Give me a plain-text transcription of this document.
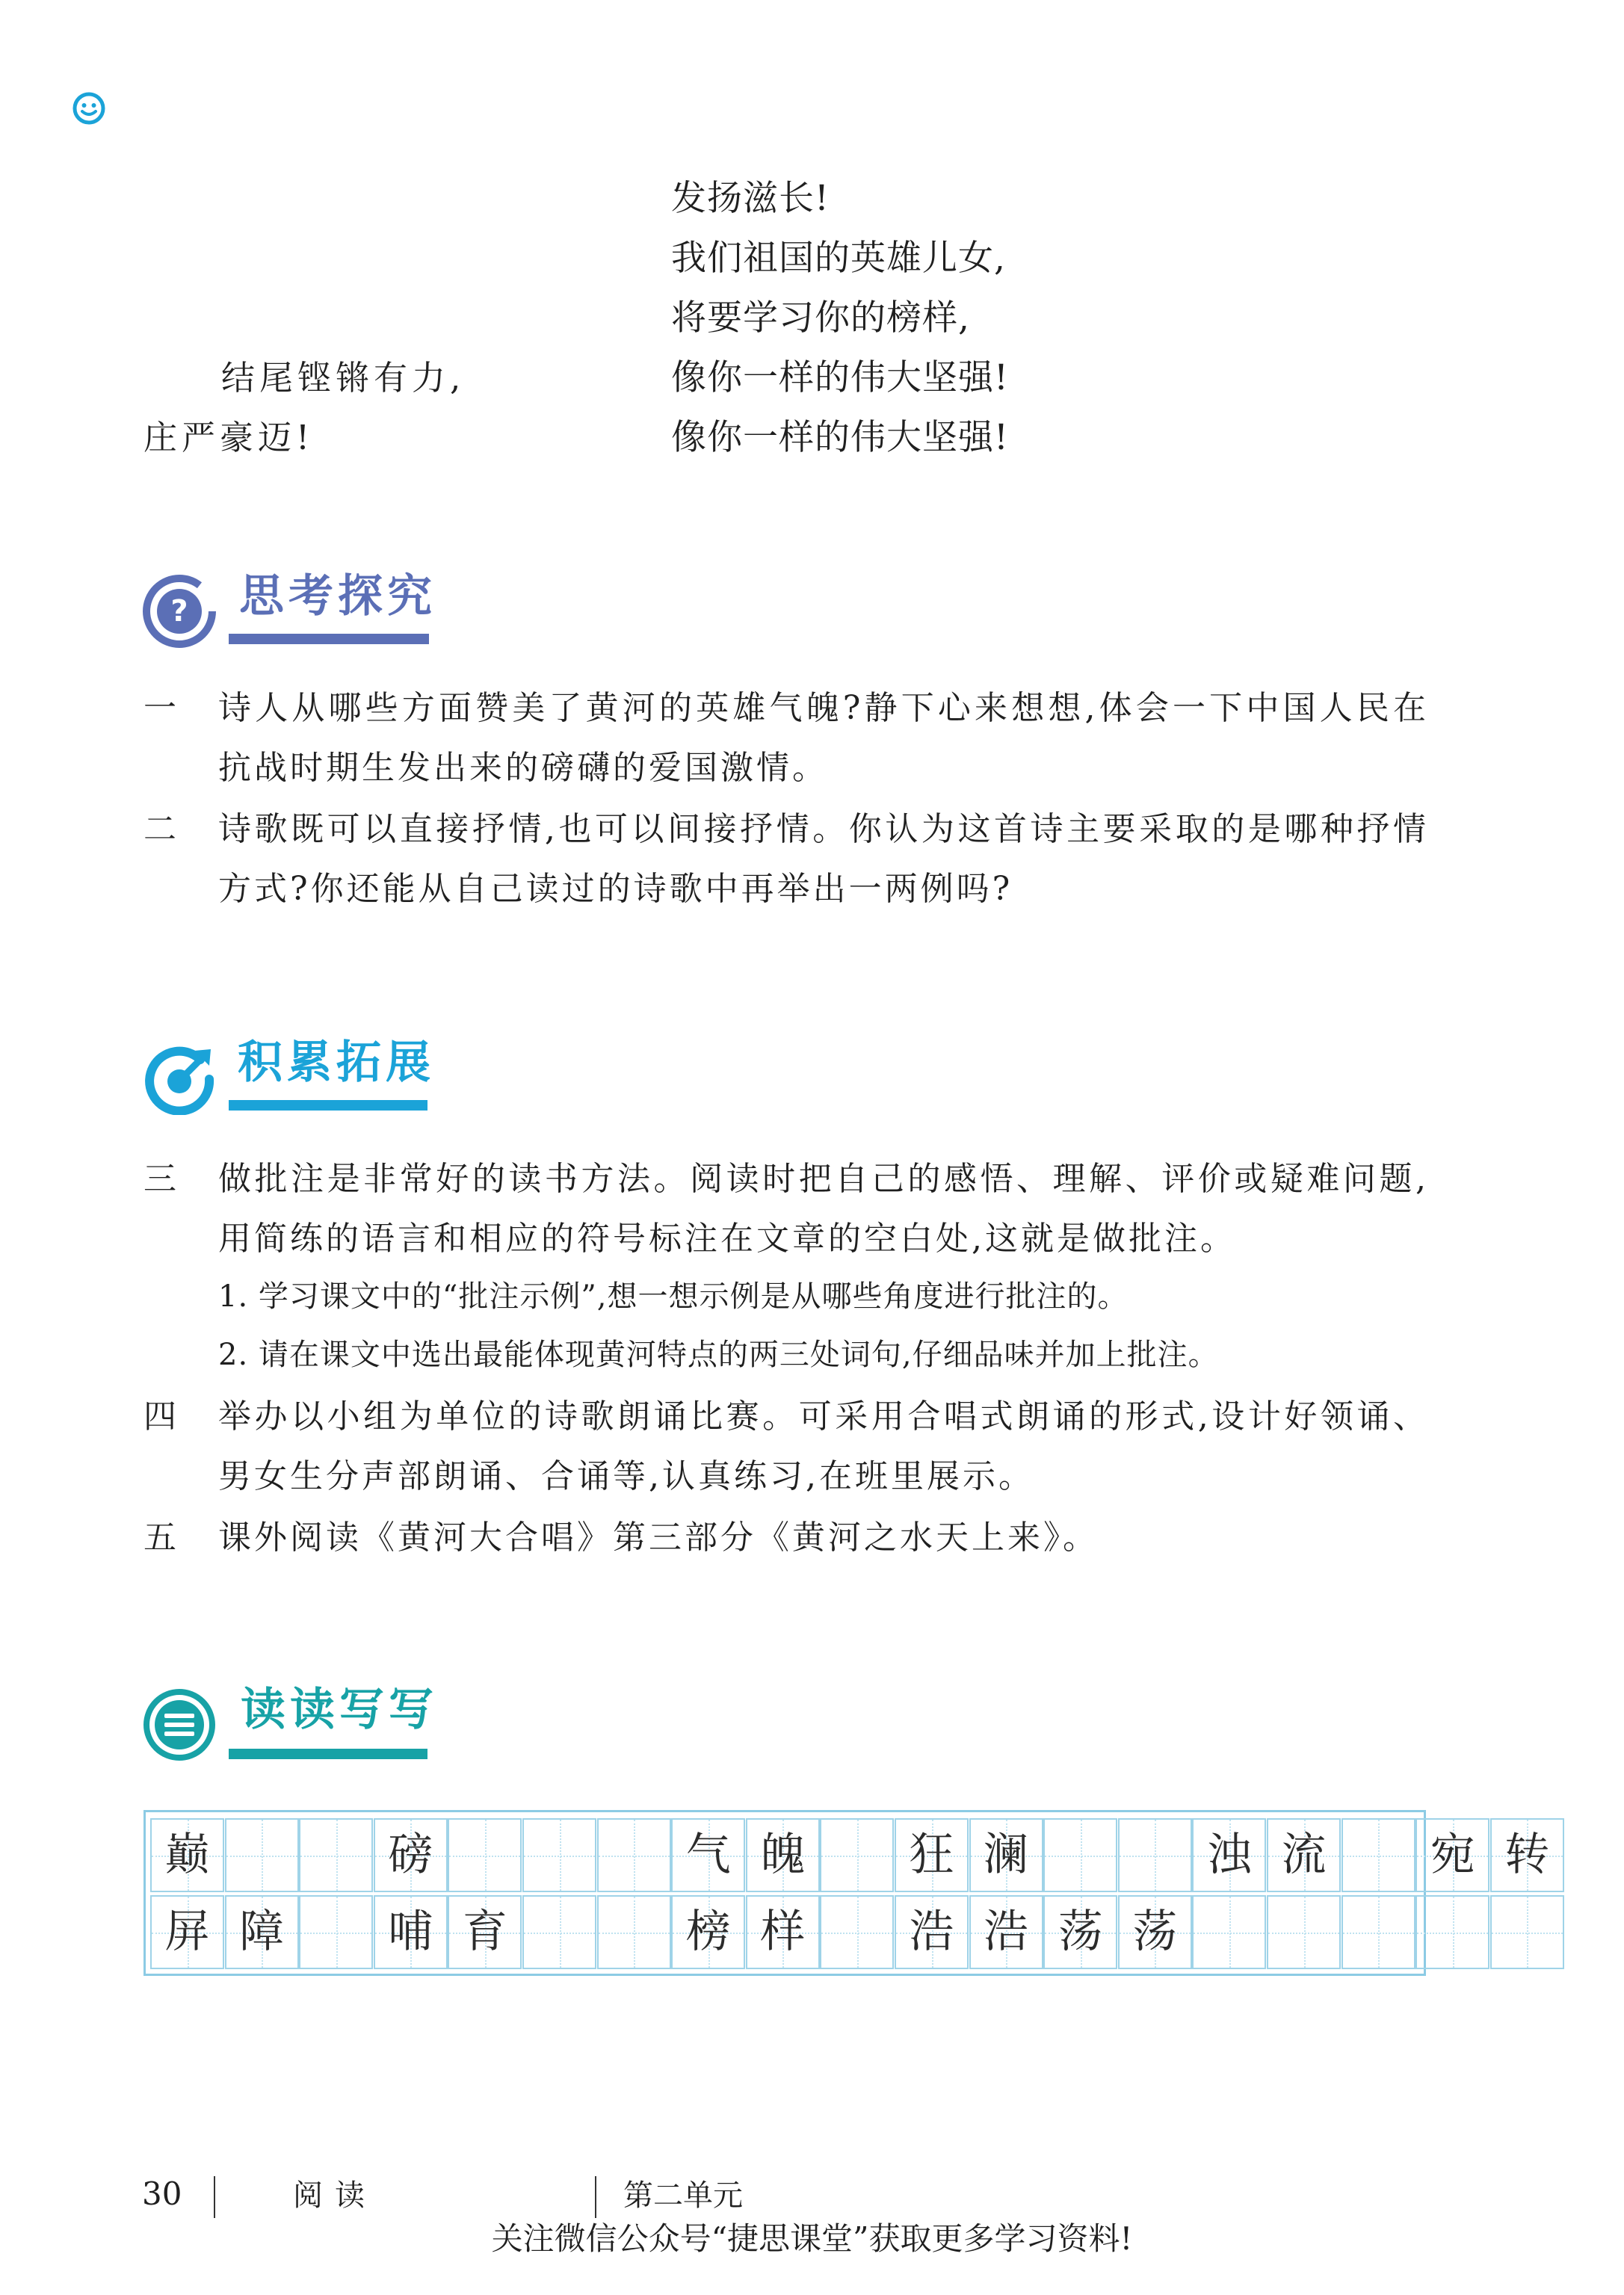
发扬滋长!
我们祖国的英雄儿女,
将要学习你的榜样,
像你一样的伟大坚强!
像你一样的伟大坚强!
结尾铿锵有力,
庄严豪迈!
? 思考探究
一	诗人从哪些方面赞美了黄河的英雄气魄?静下心来想想,体会一下中国人民在抗战时期生发出来的磅礴的爱国激情。
二	诗歌既可以直接抒情,也可以间接抒情。你认为这首诗主要采取的是哪种抒情方式?你还能从自己读过的诗歌中再举出一两例吗?
积累拓展
三	做批注是非常好的读书方法。阅读时把自己的感悟、理解、评价或疑难问题,用简练的语言和相应的符号标注在文章的空白处,这就是做批注。
1. 学习课文中的“批注示例”,想一想示例是从哪些角度进行批注的。
2. 请在课文中选出最能体现黄河特点的两三处词句,仔细品味并加上批注。
四	举办以小组为单位的诗歌朗诵比赛。可采用合唱式朗诵的形式,设计好领诵、男女生分声部朗诵、合诵等,认真练习,在班里展示。
五	课外阅读《黄河大合唱》第三部分《黄河之水天上来》。
读读写写
巅	磅	气 魄	狂 澜	浊 流	宛 转
屏 障	哺 育	榜 样	浩 浩 荡 荡
30	阅读	第二单元
关注微信公众号“捷思课堂”获取更多学习资料!
